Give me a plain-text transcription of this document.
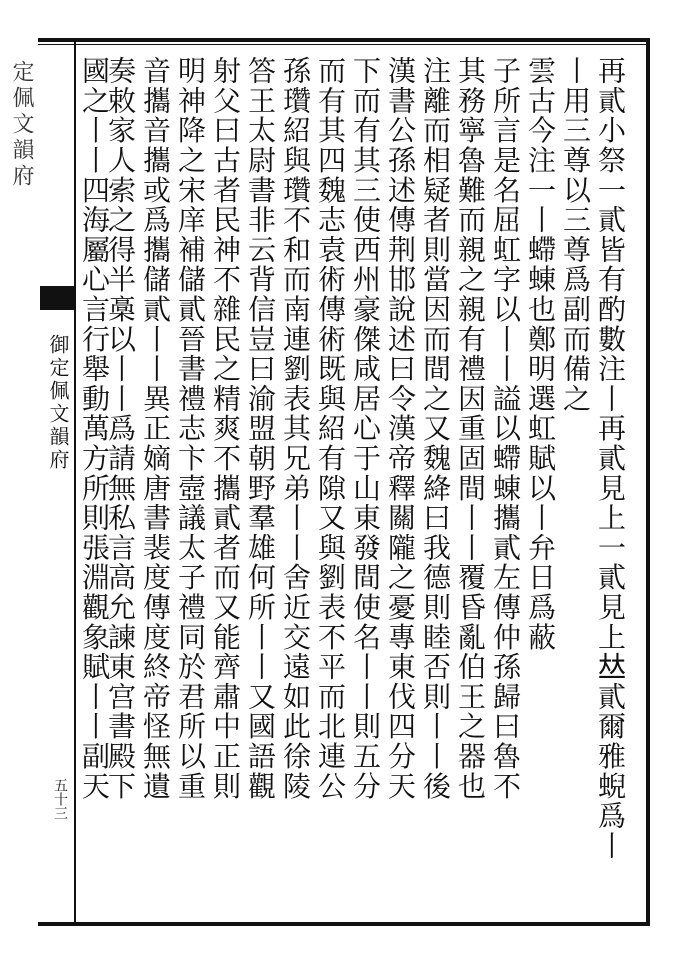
定佩文韻府
御定佩文韻府
五十三	再貳小祭一貳皆有酌數注丨再貳見上一貳見上𠀤貳爾雅蜺爲丨
丨用三尊以三尊爲副而備之
雲古今注一丨螮蝀也鄭明選虹賦以丨弁日爲蔽
子所言是名屈虹字以丨丨謚以螮蝀攜貳左傳仲孫歸曰魯不
其務寧魯難而親之親有禮因重固間丨丨覆昏亂伯王之器也
注離而相疑者則當因而間之又魏絳曰我德則睦否則丨丨後
漢書公孫述傳荆邯說述曰令漢帝釋關隴之憂專東伐四分天
下而有其三使西州豪傑咸居心于山東發間使名丨丨則五分
而有其四魏志袁術傳術既與紹有隙又與劉表不平而北連公
孫瓚紹與瓚不和而南連劉表其兄弟丨丨舍近交遠如此徐陵
答王太尉書非云背信豈曰渝盟朝野羣雄何所丨丨又國語觀
射父曰古者民神不雜民之精爽不攜貳者而又能齊肅中正則
明神降之宋庠補儲貳晉書禮志卞壼議太子禮同於君所以重
音攜音攜或爲攜儲貳丨丨異正嫡唐書裴度傳度終帝怪無遺
奏敕家人索之得半槀以丨丨爲請無私言高允諫東宫書殿下
國之丨丨四海屬心言行舉動萬方所則張淵觀象賦丨丨副天
